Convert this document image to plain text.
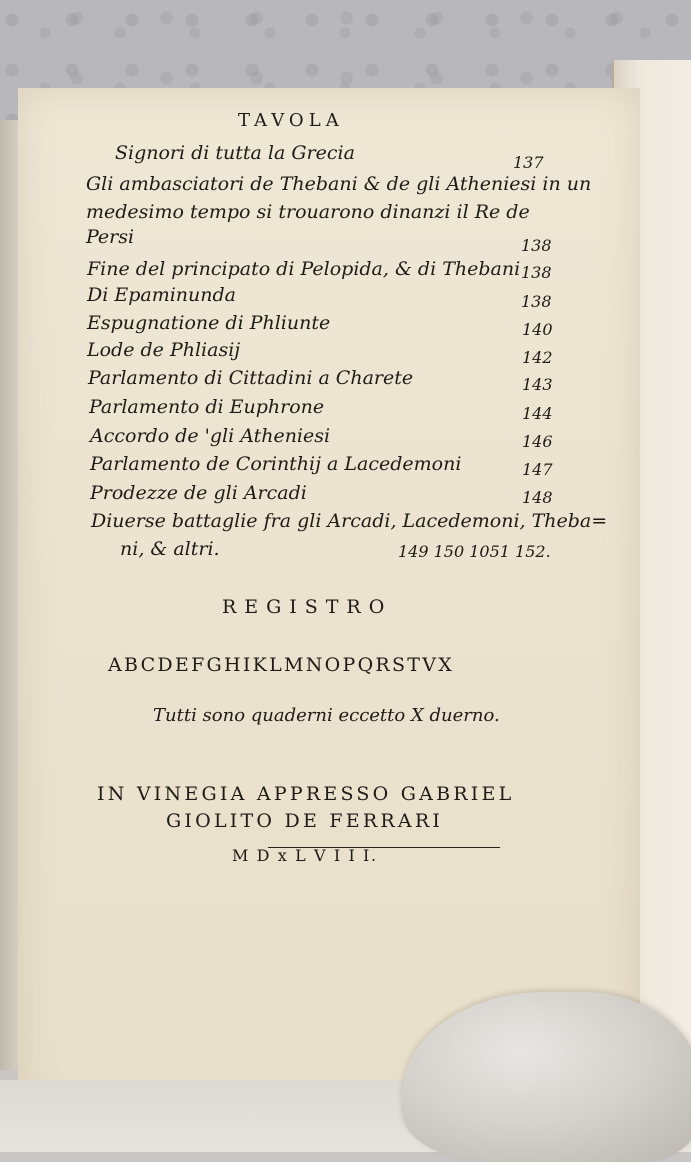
TAVOLA
Signori di tutta la Grecia	137
Gli ambasciatori de Thebani & de gli Atheniesi in un
medesimo tempo si trouarono dinanzi il Re de
Persi	138
Fine del principato di Pelopida, & di Thebani 138
Di Epaminunda	138
Espugnatione di Phliunte	140
Lode de Phliasij	142
Parlamento di Cittadini a Charete	143
Parlamento di Euphrone	144
Accordo de 'gli Atheniesi	146
Parlamento de Corinthij a Lacedemoni	147
Prodezze de gli Arcadi	148
Diuerse battaglie fra gli Arcadi, Lacedemoni, Theba=
ni, & altri.	149 150 1051 152.
REGISTRO
ABCDEFGHIKLMNOPQRSTVX
Tutti sono quaderni eccetto X duerno.
IN VINEGIA APPRESSO GABRIEL
GIOLITO DE FERRARI
M D x L V I I I.
